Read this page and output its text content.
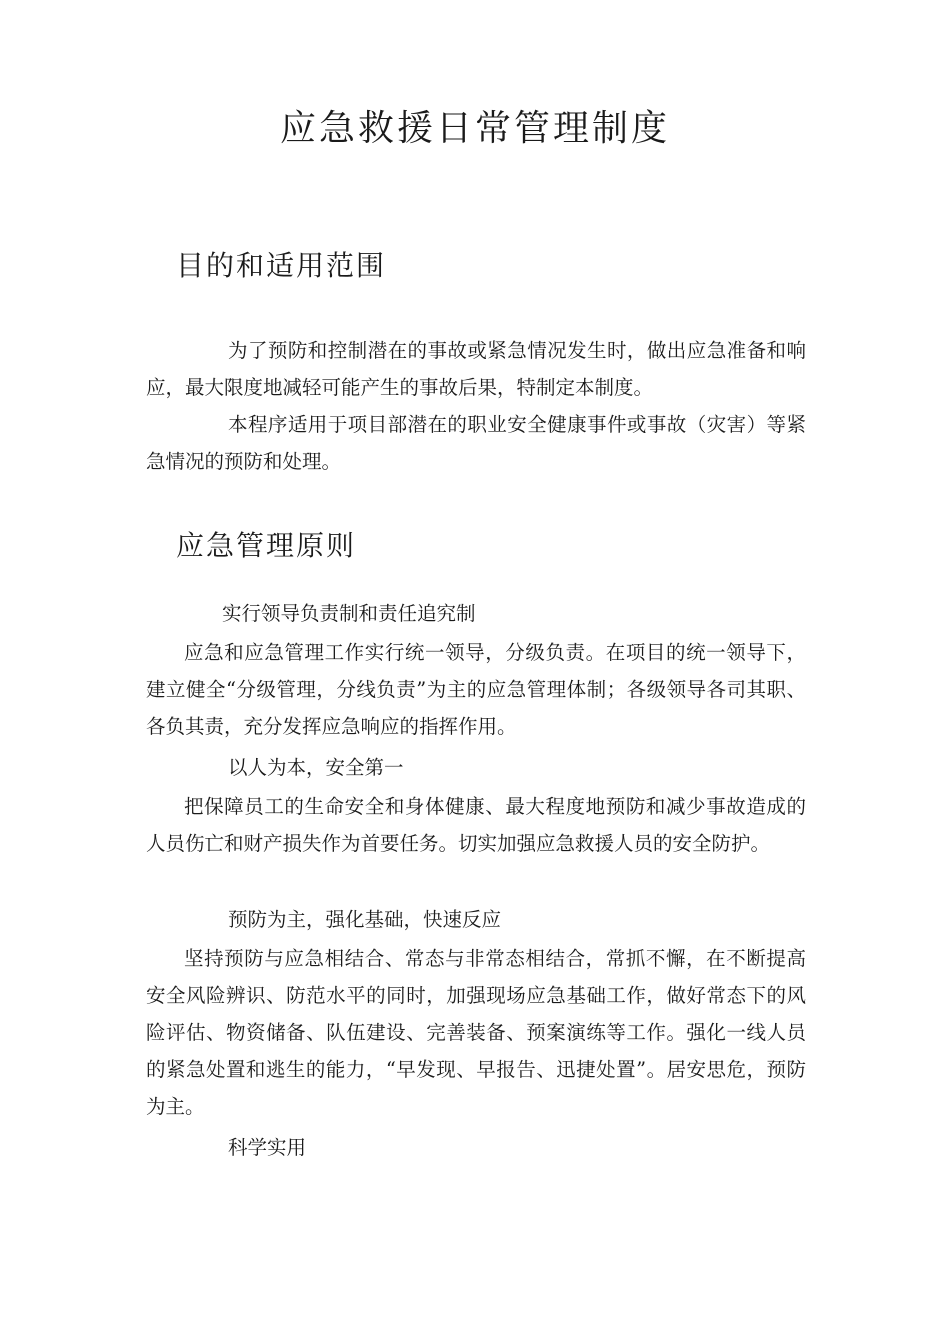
应急救援日常管理制度
目的和适用范围

为了预防和控制潜在的事故或紧急情况发生时，做出应急准备和响应，最大限度地减轻可能产生的事故后果，特制定本制度。

本程序适用于项目部潜在的职业安全健康事件或事故（灾害）等紧急情况的预防和处理。

应急管理原则

实行领导负责制和责任追究制

应急和应急管理工作实行统一领导，分级负责。在项目的统一领导下，建立健全“分级管理，分线负责”为主的应急管理体制；各级领导各司其职、各负其责，充分发挥应急响应的指挥作用。

以人为本，安全第一

把保障员工的生命安全和身体健康、最大程度地预防和减少事故造成的人员伤亡和财产损失作为首要任务。切实加强应急救援人员的安全防护。

预防为主，强化基础，快速反应

坚持预防与应急相结合、常态与非常态相结合，常抓不懈，在不断提高安全风险辨识、防范水平的同时，加强现场应急基础工作，做好常态下的风险评估、物资储备、队伍建设、完善装备、预案演练等工作。强化一线人员的紧急处置和逃生的能力，“早发现、早报告、迅捷处置”。居安思危，预防为主。

科学实用
